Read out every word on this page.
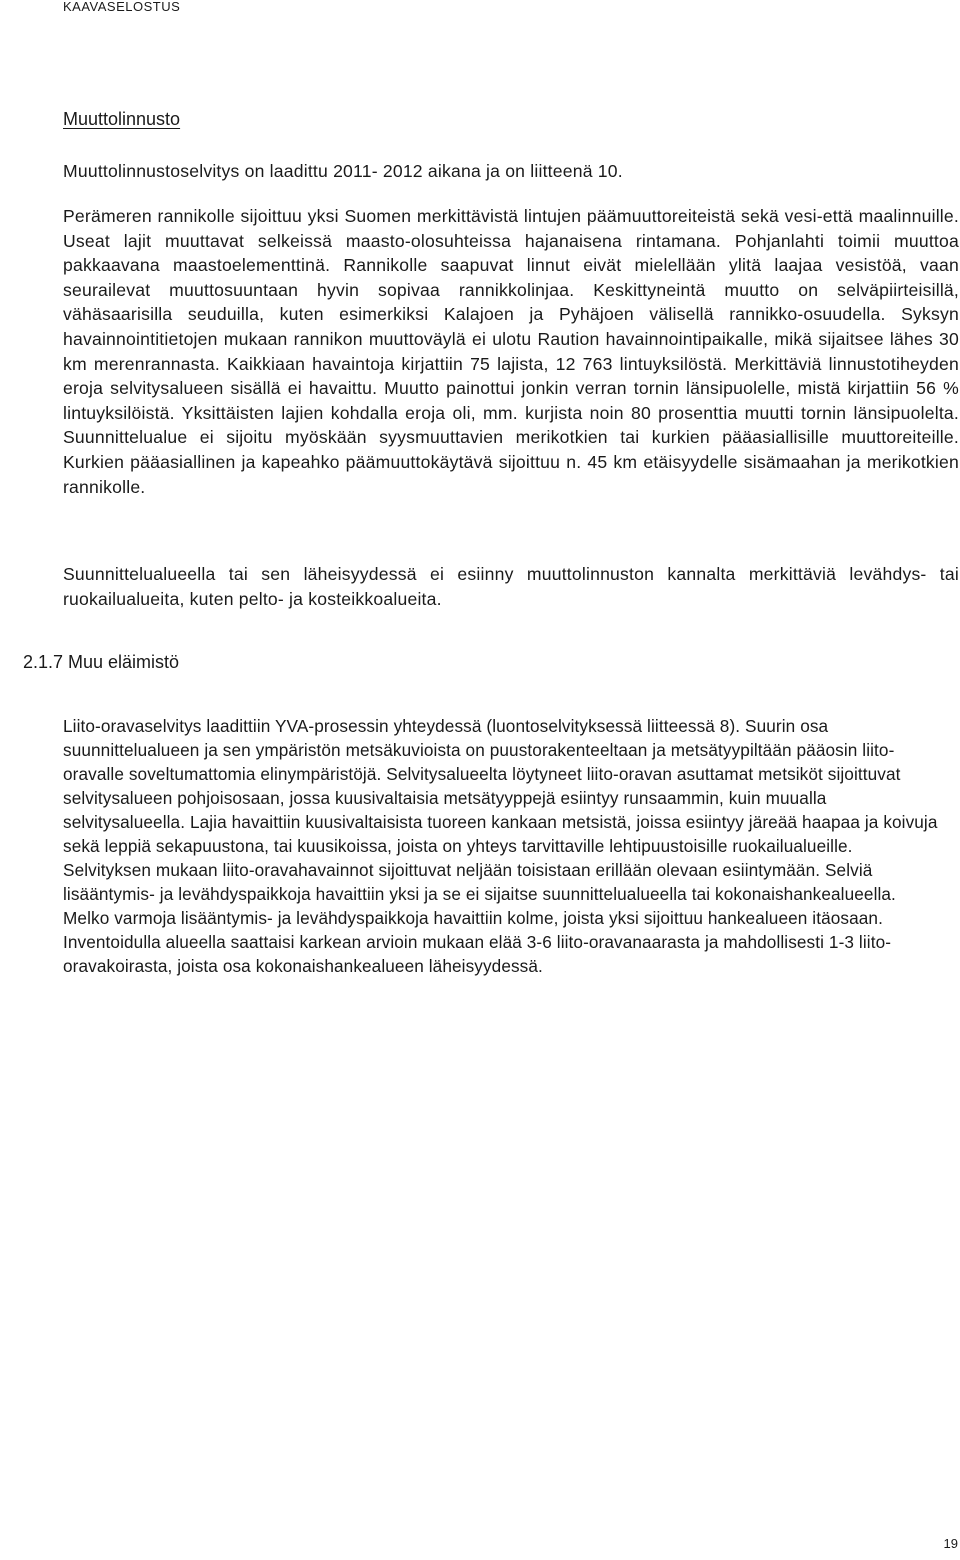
KAAVASELOSTUS
Muuttolinnusto

Muuttolinnustoselvitys on laadittu 2011- 2012 aikana ja on liitteenä 10.

Perämeren rannikolle sijoittuu yksi Suomen merkittävistä lintujen päämuuttoreiteistä sekä vesi-että maalinnuille. Useat lajit muuttavat selkeissä maasto-olosuhteissa hajanaisena rintamana. Pohjanlahti toimii muuttoa pakkaavana maastoelementtinä. Rannikolle saapuvat linnut eivät mielellään ylitä laajaa vesistöä, vaan seurailevat muuttosuuntaan hyvin sopivaa rannikkolinjaa. Keskittyneintä muutto on selväpiirteisillä, vähäsaarisilla seuduilla, kuten esimerkiksi Kalajoen ja Pyhäjoen välisellä rannikko-osuudella. Syksyn havainnointitietojen mukaan rannikon muuttoväylä ei ulotu Raution havainnointipaikalle, mikä sijaitsee lähes 30 km merenrannasta. Kaikkiaan havaintoja kirjattiin 75 lajista, 12 763 lintuyksilöstä. Merkittäviä linnustotiheyden eroja selvitysalueen sisällä ei havaittu. Muutto painottui jonkin verran tornin länsipuolelle, mistä kirjattiin 56 % lintuyksilöistä. Yksittäisten lajien kohdalla eroja oli, mm. kurjista noin 80 prosenttia muutti tornin länsipuolelta. Suunnittelualue ei sijoitu myöskään syysmuuttavien merikotkien tai kurkien pääasiallisille muuttoreiteille. Kurkien pääasiallinen ja kapeahko päämuuttokäytävä sijoittuu n. 45 km etäisyydelle sisämaahan ja merikotkien rannikolle.

Suunnittelualueella tai sen läheisyydessä ei esiinny muuttolinnuston kannalta merkittäviä levähdys- tai ruokailualueita, kuten pelto- ja kosteikkoalueita.

2.1.7 Muu eläimistö

Liito-oravaselvitys laadittiin YVA-prosessin yhteydessä (luontoselvityksessä liitteessä 8). Suurin osa suunnittelualueen ja sen ympäristön metsäkuvioista on puustorakenteeltaan ja metsätyypiltään pääosin liito-oravalle soveltumattomia elinympäristöjä. Selvitysalueelta löytyneet liito-oravan asuttamat metsiköt sijoittuvat selvitysalueen pohjoisosaan, jossa kuusivaltaisia metsätyyppejä esiintyy runsaammin, kuin muualla selvitysalueella. Lajia havaittiin kuusivaltaisista tuoreen kankaan metsistä, joissa esiintyy järeää haapaa ja koivuja sekä leppiä sekapuustona, tai kuusikoissa, joista on yhteys tarvittaville lehtipuustoisille ruokailualueille. Selvityksen mukaan liito-oravahavainnot sijoittuvat neljään toisistaan erillään olevaan esiintymään. Selviä lisääntymis- ja levähdyspaikkoja havaittiin yksi ja se ei sijaitse suunnittelualueella tai kokonaishankealueella. Melko varmoja lisääntymis- ja levähdyspaikkoja havaittiin kolme, joista yksi sijoittuu hankealueen itäosaan. Inventoidulla alueella saattaisi karkean arvioin mukaan elää 3-6 liito-oravanaarasta ja mahdollisesti 1-3 liito-oravakoirasta, joista osa kokonaishankealueen läheisyydessä.

19
